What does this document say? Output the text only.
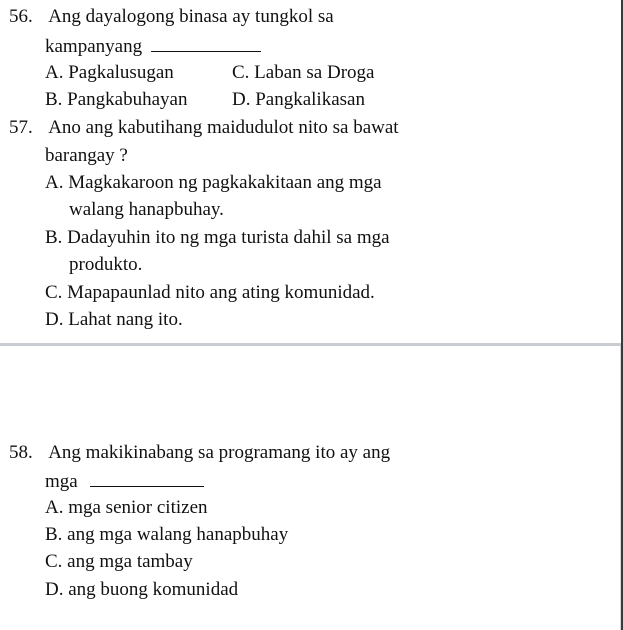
56. Ang dayalogong binasa ay tungkol sa
kampanyang
A. Pagkalusugan	C. Laban sa Droga
B. Pangkabuhayan D. Pangkalikasan
57. Ano ang kabutihang maidudulot nito sa bawat
barangay ?
A. Magkakaroon ng pagkakakitaan ang mga
walang hanapbuhay.
B. Dadayuhin ito ng mga turista dahil sa mga
produkto.
C. Mapapaunlad nito ang ating komunidad.
D. Lahat nang ito.
58. Ang makikinabang sa programang ito ay ang
mga
A. mga senior citizen
B. ang mga walang hanapbuhay
C. ang mga tambay
D. ang buong komunidad
